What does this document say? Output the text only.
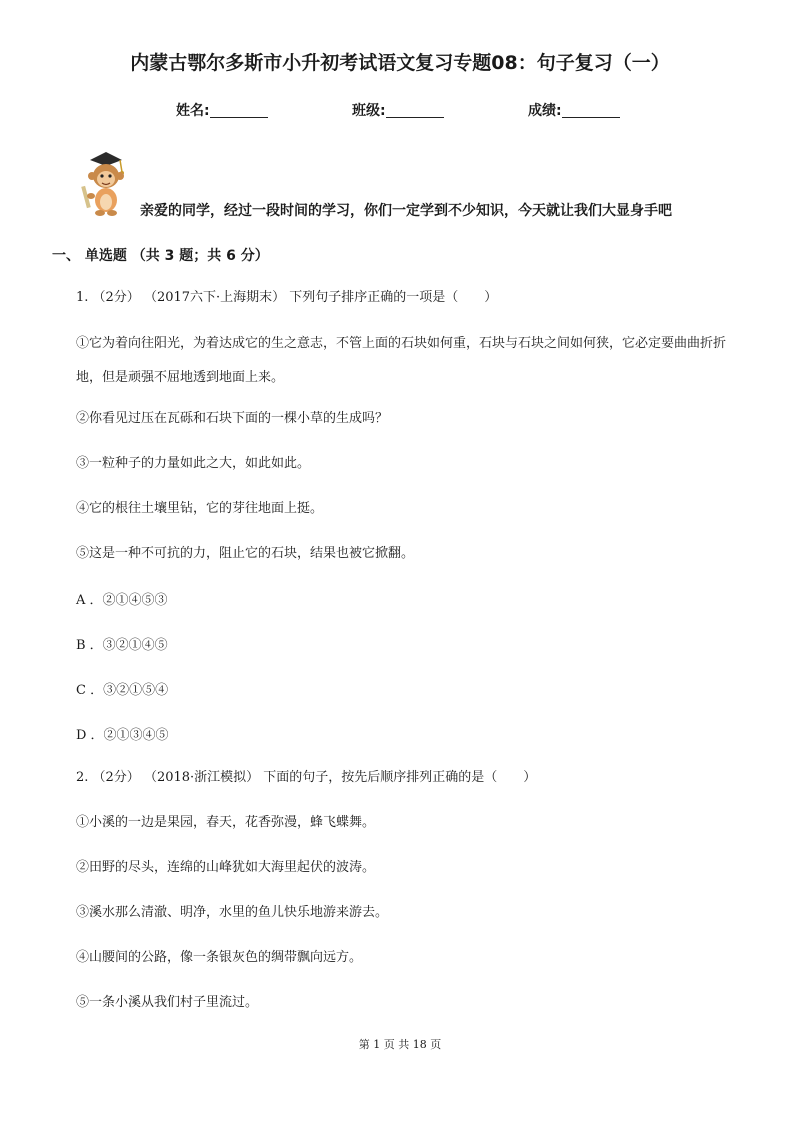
内蒙古鄂尔多斯市小升初考试语文复习专题08：句子复习（一）
姓名:	班级:	成绩:
亲爱的同学，经过一段时间的学习，你们一定学到不少知识，今天就让我们大显身手吧
一、 单选题 （共 3 题；共 6 分）
1. （2分） （2017六下·上海期末） 下列句子排序正确的一项是（　　）
①它为着向往阳光，为着达成它的生之意志，不管上面的石块如何重，石块与石块之间如何狭，它必定要曲曲折折地，但是顽强不屈地透到地面上来。
②你看见过压在瓦砾和石块下面的一棵小草的生成吗？
③一粒种子的力量如此之大，如此如此。
④它的根往土壤里钻，它的芽往地面上挺。
⑤这是一种不可抗的力，阻止它的石块，结果也被它掀翻。
A ．②①④⑤③
B ．③②①④⑤
C ．③②①⑤④
D ．②①③④⑤
2. （2分） （2018·浙江模拟） 下面的句子，按先后顺序排列正确的是（　　）
①小溪的一边是果园，春天，花香弥漫，蜂飞蝶舞。
②田野的尽头，连绵的山峰犹如大海里起伏的波涛。
③溪水那么清澈、明净，水里的鱼儿快乐地游来游去。
④山腰间的公路，像一条银灰色的绸带飘向远方。
⑤一条小溪从我们村子里流过。
第 1 页 共 18 页
